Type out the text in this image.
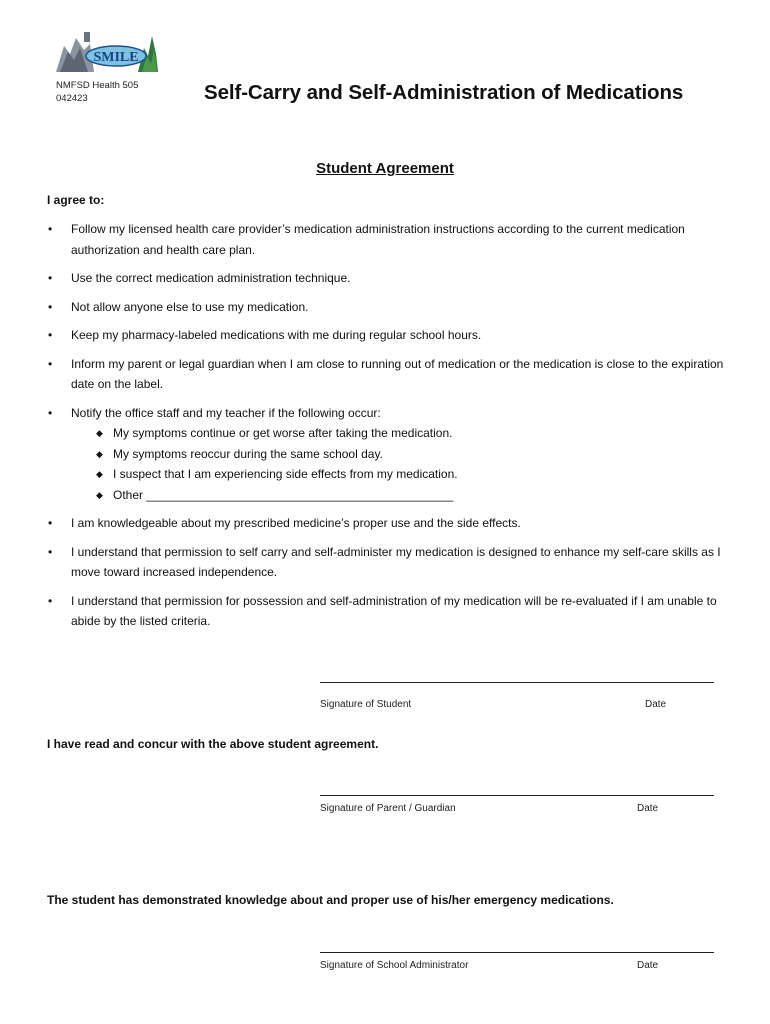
SMILE
NMFSD Health 505
042423	Self-Carry and Self-Administration of Medications
Student Agreement
I agree to:
• Follow my licensed health care provider’s medication administration instructions according to the current medication authorization and health care plan.
• Use the correct medication administration technique.
• Not allow anyone else to use my medication.
• Keep my pharmacy-labeled medications with me during regular school hours.
• Inform my parent or legal guardian when I am close to running out of medication or the medication is close to the expiration date on the label.
• Notify the office staff and my teacher if the following occur:
◆ My symptoms continue or get worse after taking the medication.
◆ My symptoms reoccur during the same school day.
◆ I suspect that I am experiencing side effects from my medication.
◆ Other ______________________________________________
• I am knowledgeable about my prescribed medicine’s proper use and the side effects.
• I understand that permission to self carry and self-administer my medication is designed to enhance my self-care skills as I move toward increased independence.
• I understand that permission for possession and self-administration of my medication will be re-evaluated if I am unable to abide by the listed criteria.
Signature of Student	Date
I have read and concur with the above student agreement.
Signature of Parent / Guardian	Date
The student has demonstrated knowledge about and proper use of his/her emergency medications.
Signature of School Administrator	Date
